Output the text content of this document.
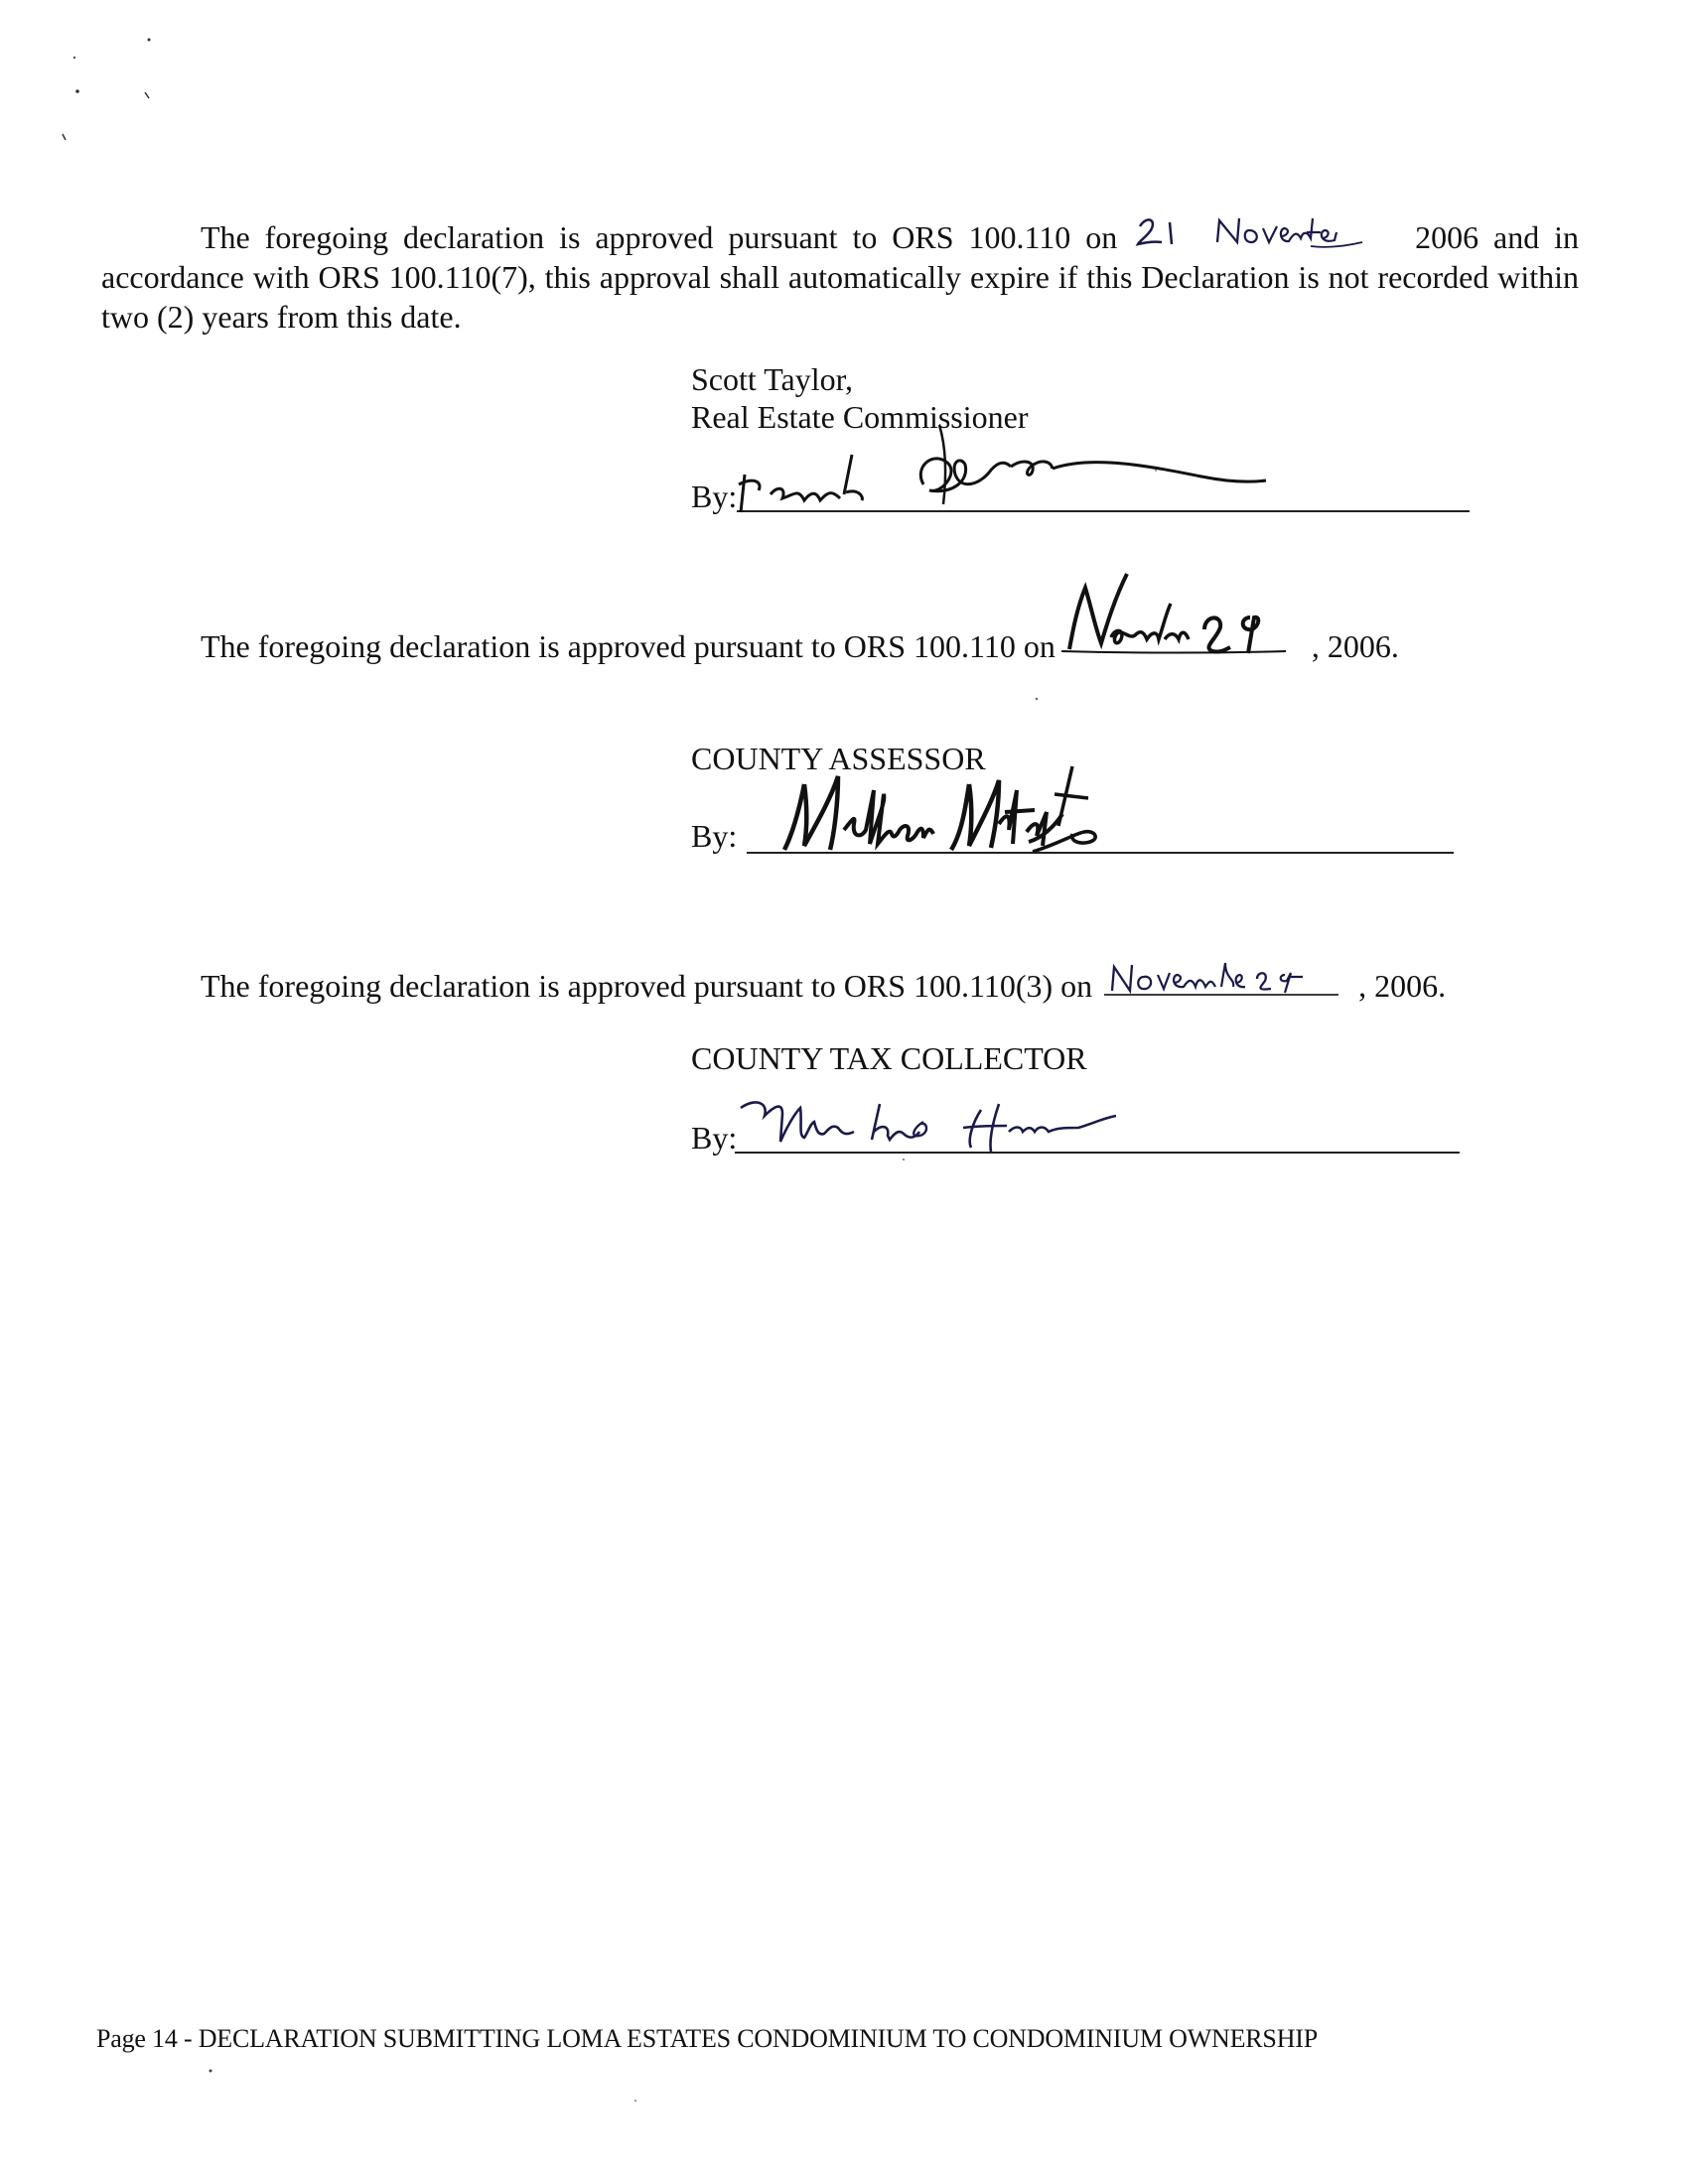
The foregoing declaration is approved pursuant to ORS 100.110 on	2006 and in accordance with ORS 100.110(7), this approval shall automatically expire if this Declaration is not recorded within two (2) years from this date.
Scott Taylor,
Real Estate Commissioner
By:
The foregoing declaration is approved pursuant to ORS 100.110 on	, 2006.
COUNTY ASSESSOR
By:
The foregoing declaration is approved pursuant to ORS 100.110(3) on	, 2006.
COUNTY TAX COLLECTOR
By:
Page 14 - DECLARATION SUBMITTING LOMA ESTATES CONDOMINIUM TO CONDOMINIUM OWNERSHIP
